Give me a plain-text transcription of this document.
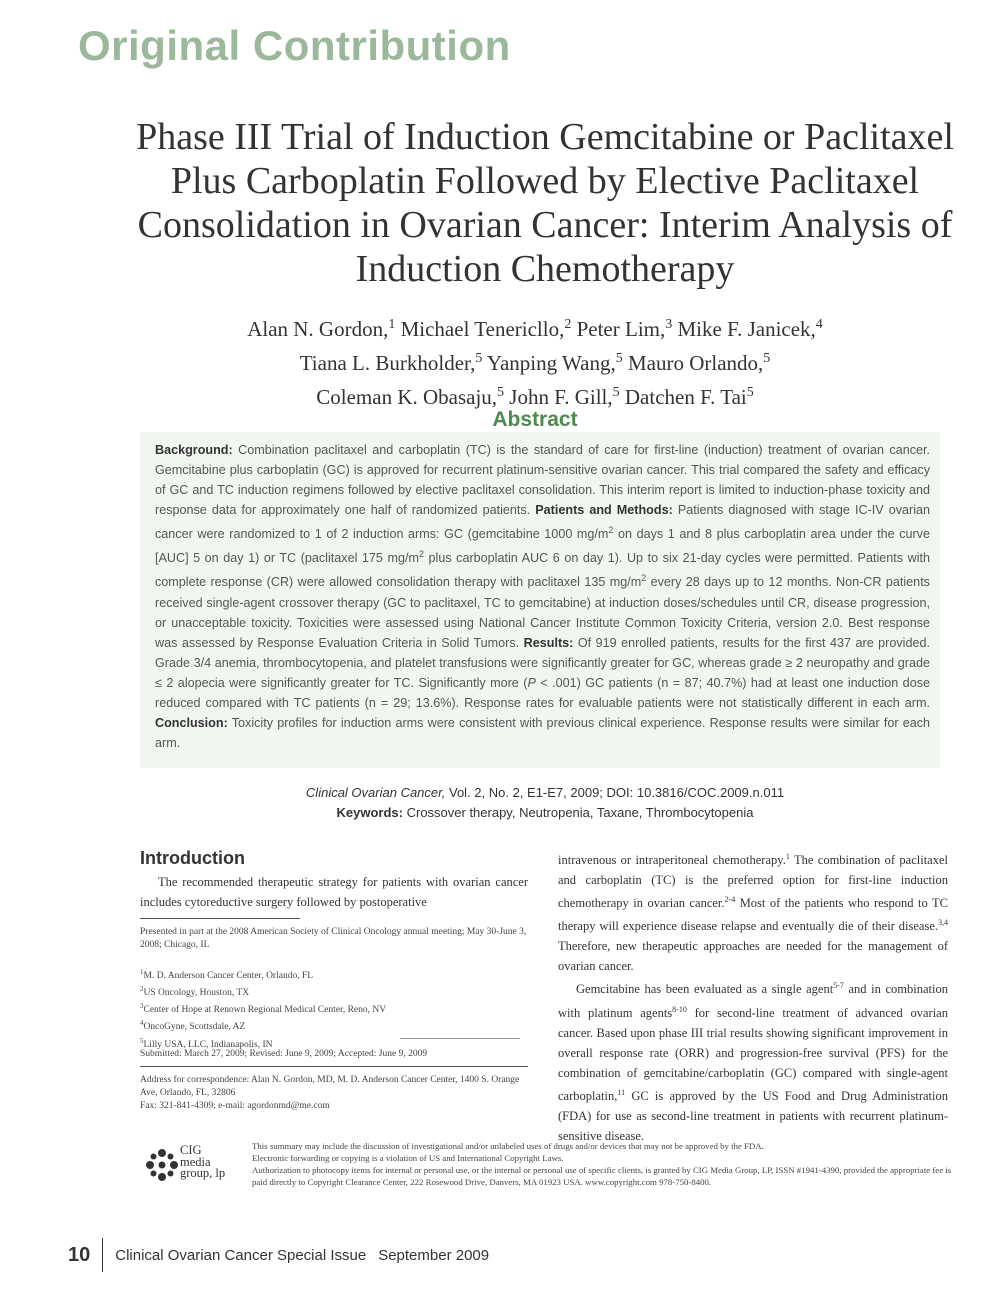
Original Contribution
Phase III Trial of Induction Gemcitabine or Paclitaxel Plus Carboplatin Followed by Elective Paclitaxel Consolidation in Ovarian Cancer: Interim Analysis of Induction Chemotherapy
Alan N. Gordon,$^1$ Michael Tenericllo,$^2$ Peter Lim,$^3$ Mike F. Janicek,$^4$
Tiana L. Burkholder,$^5$ Yanping Wang,$^5$ Mauro Orlando,$^5$
Coleman K. Obasaju,$^5$ John F. Gill,$^5$ Datchen F. Tai$^5$
Abstract
Background: Combination paclitaxel and carboplatin (TC) is the standard of care for first-line (induction) treatment of ovarian cancer. Gemcitabine plus carboplatin (GC) is approved for recurrent platinum-sensitive ovarian cancer. This trial compared the safety and efficacy of GC and TC induction regimens followed by elective paclitaxel consolidation. This interim report is limited to induction-phase toxicity and response data for approximately one half of randomized patients. Patients and Methods: Patients diagnosed with stage IC-IV ovarian cancer were randomized to 1 of 2 induction arms: GC (gemcitabine 1000 $mg/m^2$ on days 1 and 8 plus carboplatin area under the curve [AUC] 5 on day 1) or TC (paclitaxel 175 $mg/m^2$ plus carboplatin AUC 6 on day 1). Up to six 21-day cycles were permitted. Patients with complete response (CR) were allowed consolidation therapy with paclitaxel 135 $mg/m^2$ every 28 days up to 12 months. Non-CR patients received single-agent crossover therapy (GC to paclitaxel, TC to gemcitabine) at induction doses/schedules until CR, disease progression, or unacceptable toxicity. Toxicities were assessed using National Cancer Institute Common Toxicity Criteria, version 2.0. Best response was assessed by Response Evaluation Criteria in Solid Tumors. Results: Of 919 enrolled patients, results for the first 437 are provided. Grade 3/4 anemia, thrombocytopenia, and platelet transfusions were significantly greater for GC, whereas grade ≥ 2 neuropathy and grade ≤ 2 alopecia were significantly greater for TC. Significantly more (P < .001) GC patients (n = 87; 40.7%) had at least one induction dose reduced compared with TC patients (n = 29; 13.6%). Response rates for evaluable patients were not statistically different in each arm. Conclusion: Toxicity profiles for induction arms were consistent with previous clinical experience. Response results were similar for each arm.
Clinical Ovarian Cancer, Vol. 2, No. 2, E1-E7, 2009; DOI: 10.3816/COC.2009.n.011
Keywords: Crossover therapy, Neutropenia, Taxane, Thrombocytopenia
Introduction
The recommended therapeutic strategy for patients with ovarian cancer includes cytoreductive surgery followed by postoperative
Presented in part at the 2008 American Society of Clinical Oncology annual meeting; May 30-June 3, 2008; Chicago, IL
$^1$M. D. Anderson Cancer Center, Orlando, FL
$^2$US Oncology, Houston, TX
$^3$Center of Hope at Renown Regional Medical Center, Reno, NV
$^4$OncoGyne, Scottsdale, AZ
$^5$Lilly USA, LLC, Indianapolis, IN
Submitted: March 27, 2009; Revised: June 9, 2009; Accepted: June 9, 2009
Address for correspondence: Alan N. Gordon, MD, M. D. Anderson Cancer Center, 1400 S. Orange Ave, Orlando, FL, 32806
Fax: 321-841-4309; e-mail: agordonmd@me.com

intravenous or intraperitoneal chemotherapy.$^1$ The combination of paclitaxel and carboplatin (TC) is the preferred option for first-line induction chemotherapy in ovarian cancer.$^{2-4}$ Most of the patients who respond to TC therapy will experience disease relapse and eventually die of their disease.$^{3,4}$ Therefore, new therapeutic approaches are needed for the management of ovarian cancer.

Gemcitabine has been evaluated as a single agent$^{5-7}$ and in combination with platinum agents$^{8-10}$ for second-line treatment of advanced ovarian cancer. Based upon phase III trial results showing significant improvement in overall response rate (ORR) and progression-free survival (PFS) for the combination of gemcitabine/carboplatin (GC) compared with single-agent carboplatin,$^{11}$ GC is approved by the US Food and Drug Administration (FDA) for use as second-line treatment in patients with recurrent platinum-sensitive disease.

CIG
media
group, lp
This summary may include the discussion of investigational and/or unlabeled uses of drugs and/or devices that may not be approved by the FDA.
Electronic forwarding or copying is a violation of US and International Copyright Laws.
Authorization to photocopy items for internal or personal use, or the internal or personal use of specific clients, is granted by CIG Media Group, LP, ISSN #1941-4390, provided the appropriate fee is paid directly to Copyright Clearance Center, 222 Rosewood Drive, Danvers, MA 01923 USA. www.copyright.com 978-750-8400.
10 Clinical Ovarian Cancer Special Issue September 2009
